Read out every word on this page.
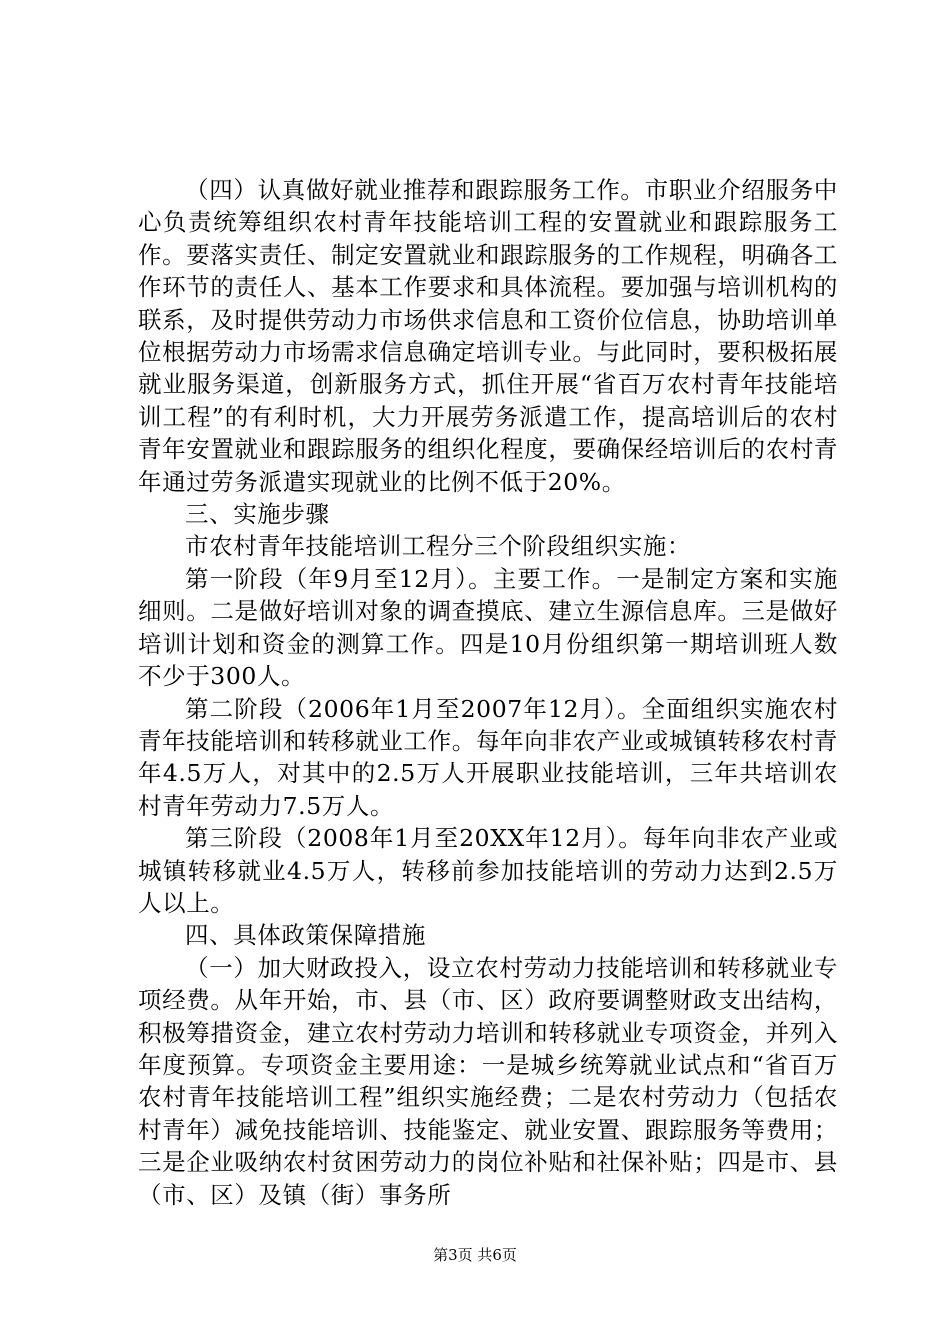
（四）认真做好就业推荐和跟踪服务工作。市职业介绍服务中心负责统筹组织农村青年技能培训工程的安置就业和跟踪服务工作。要落实责任、制定安置就业和跟踪服务的工作规程，明确各工作环节的责任人、基本工作要求和具体流程。要加强与培训机构的联系，及时提供劳动力市场供求信息和工资价位信息，协助培训单位根据劳动力市场需求信息确定培训专业。与此同时，要积极拓展就业服务渠道，创新服务方式，抓住开展“省百万农村青年技能培训工程”的有利时机，大力开展劳务派遣工作，提高培训后的农村青年安置就业和跟踪服务的组织化程度，要确保经培训后的农村青年通过劳务派遣实现就业的比例不低于20%。

三、实施步骤

市农村青年技能培训工程分三个阶段组织实施：

第一阶段（年9月至12月）。主要工作。一是制定方案和实施细则。二是做好培训对象的调查摸底、建立生源信息库。三是做好培训计划和资金的测算工作。四是10月份组织第一期培训班人数不少于300人。

第二阶段（2006年1月至2007年12月）。全面组织实施农村青年技能培训和转移就业工作。每年向非农产业或城镇转移农村青年4.5万人，对其中的2.5万人开展职业技能培训，三年共培训农村青年劳动力7.5万人。

第三阶段（2008年1月至20XX年12月）。每年向非农产业或城镇转移就业4.5万人，转移前参加技能培训的劳动力达到2.5万人以上。

四、具体政策保障措施

（一）加大财政投入，设立农村劳动力技能培训和转移就业专项经费。从年开始，市、县（市、区）政府要调整财政支出结构，积极筹措资金，建立农村劳动力培训和转移就业专项资金，并列入年度预算。专项资金主要用途：一是城乡统筹就业试点和“省百万农村青年技能培训工程”组织实施经费；二是农村劳动力（包括农村青年）减免技能培训、技能鉴定、就业安置、跟踪服务等费用；三是企业吸纳农村贫困劳动力的岗位补贴和社保补贴；四是市、县（市、区）及镇（街）事务所

第3页 共6页
